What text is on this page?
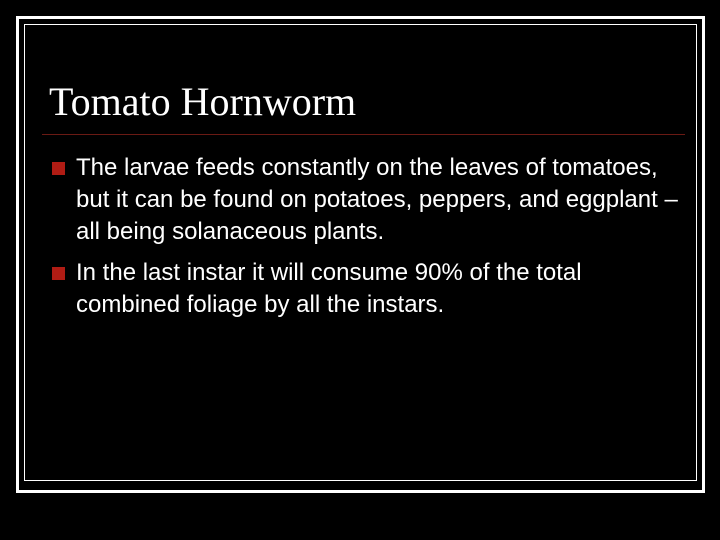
Tomato Hornworm
The larvae feeds constantly on the leaves of tomatoes, but it can be found on potatoes, peppers, and eggplant – all being solanaceous plants.
In the last instar it will consume 90% of the total combined foliage by all the instars.
